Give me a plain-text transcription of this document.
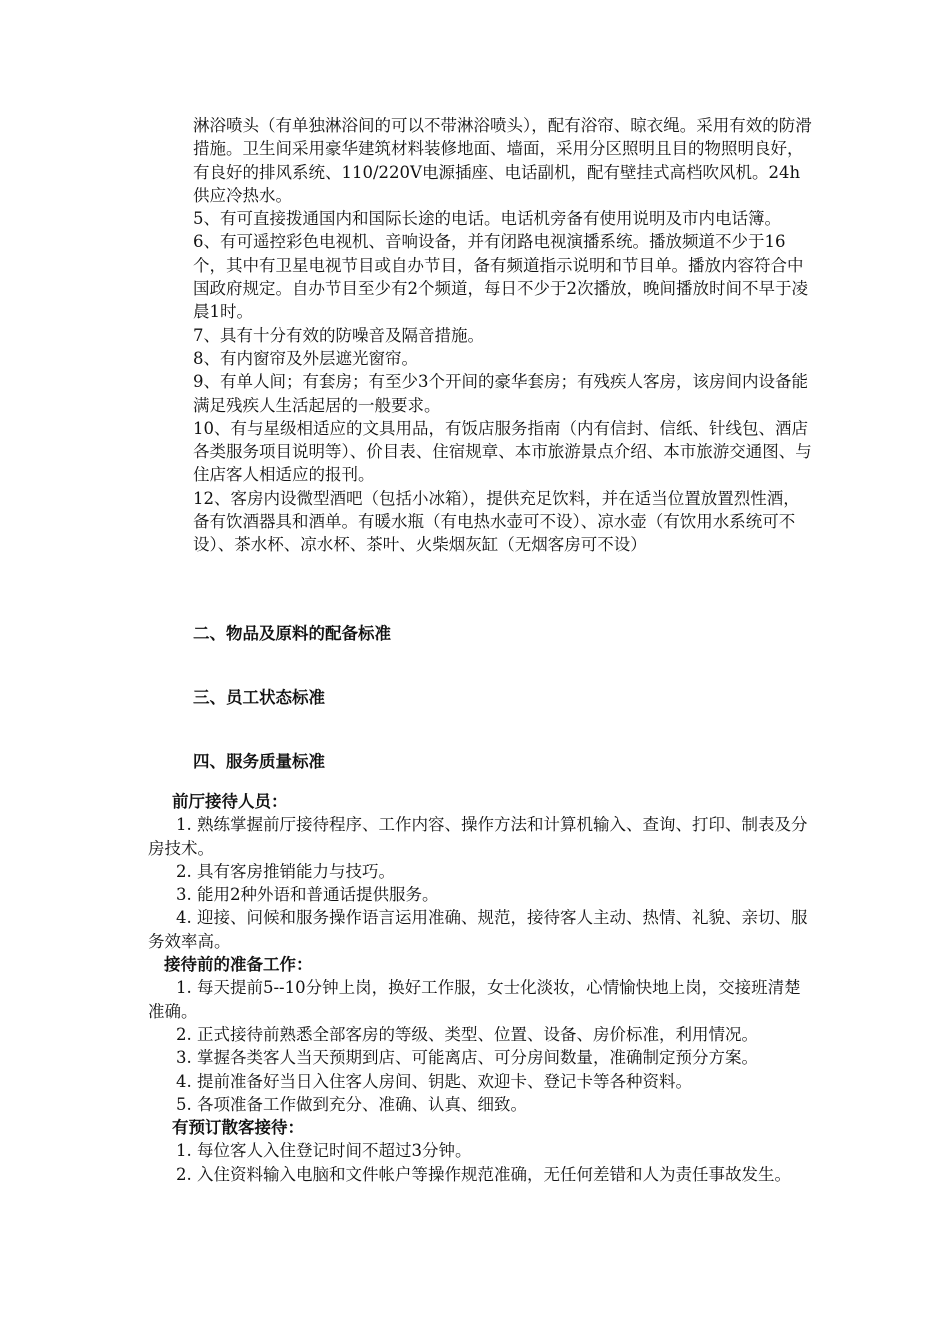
淋浴喷头（有单独淋浴间的可以不带淋浴喷头），配有浴帘、晾衣绳。采用有效的防滑措施。卫生间采用豪华建筑材料装修地面、墙面，采用分区照明且目的物照明良好，有良好的排风系统、110/220V电源插座、电话副机，配有壁挂式高档吹风机。24h供应冷热水。

5、有可直接拨通国内和国际长途的电话。电话机旁备有使用说明及市内电话簿。

6、有可遥控彩色电视机、音响设备，并有闭路电视演播系统。播放频道不少于16个，其中有卫星电视节目或自办节目，备有频道指示说明和节目单。播放内容符合中国政府规定。自办节目至少有2个频道，每日不少于2次播放，晚间播放时间不早于凌晨1时。

7、具有十分有效的防噪音及隔音措施。

8、有内窗帘及外层遮光窗帘。

9、有单人间；有套房；有至少3个开间的豪华套房；有残疾人客房，该房间内设备能满足残疾人生活起居的一般要求。

10、有与星级相适应的文具用品，有饭店服务指南（内有信封、信纸、针线包、酒店各类服务项目说明等）、价目表、住宿规章、本市旅游景点介绍、本市旅游交通图、与住店客人相适应的报刊。

12、客房内设微型酒吧（包括小冰箱），提供充足饮料，并在适当位置放置烈性酒，备有饮酒器具和酒单。有暖水瓶（有电热水壶可不设）、凉水壶（有饮用水系统可不设）、茶水杯、凉水杯、茶叶、火柴烟灰缸（无烟客房可不设）

二、物品及原料的配备标准
三、员工状态标准
四、服务质量标准

前厅接待人员：

1. 熟练掌握前厅接待程序、工作内容、操作方法和计算机输入、查询、打印、制表及分房技术。

2. 具有客房推销能力与技巧。

3. 能用2种外语和普通话提供服务。

4. 迎接、问候和服务操作语言运用准确、规范，接待客人主动、热情、礼貌、亲切、服务效率高。

接待前的准备工作：

1. 每天提前5--10分钟上岗，换好工作服，女士化淡妆，心情愉快地上岗，交接班清楚准确。

2. 正式接待前熟悉全部客房的等级、类型、位置、设备、房价标准，利用情况。

3. 掌握各类客人当天预期到店、可能离店、可分房间数量，准确制定预分方案。

4. 提前准备好当日入住客人房间、钥匙、欢迎卡、登记卡等各种资料。

5. 各项准备工作做到充分、准确、认真、细致。

有预订散客接待：

1. 每位客人入住登记时间不超过3分钟。

2. 入住资料输入电脑和文件帐户等操作规范准确，无任何差错和人为责任事故发生。
